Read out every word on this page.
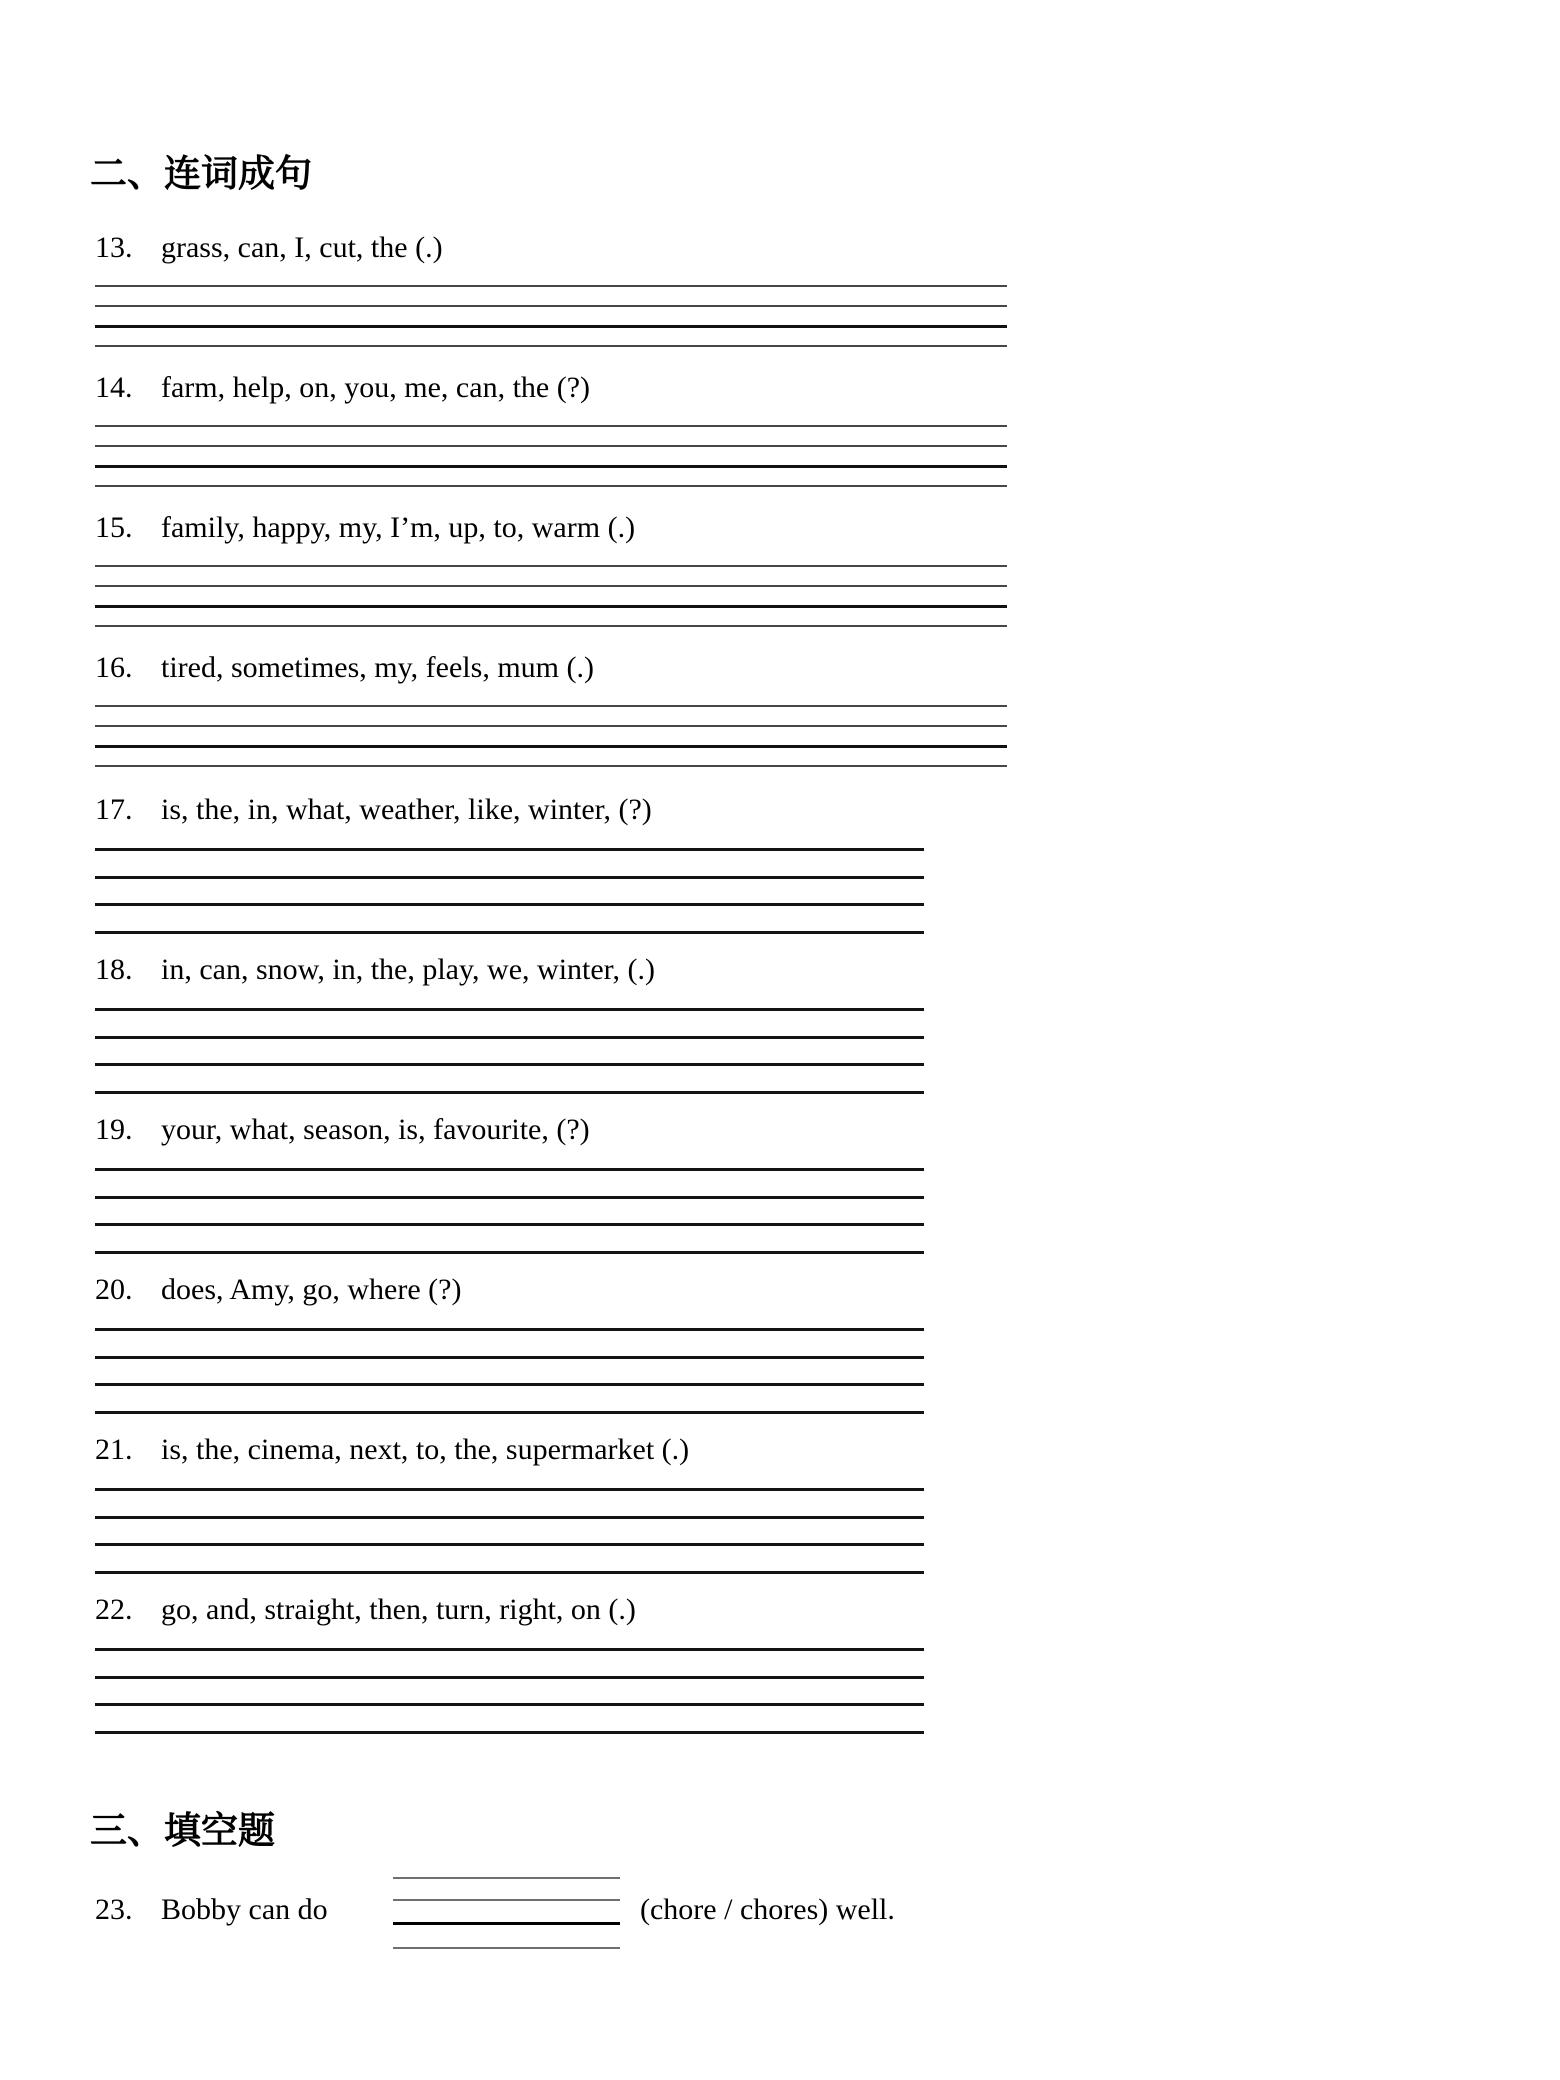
二、连词成句
13. grass, can, I, cut, the (.)
14. farm, help, on, you, me, can, the (?)
15. family, happy, my, I’m, up, to, warm (.)
16. tired, sometimes, my, feels, mum (.)
17. is, the, in, what, weather, like, winter, (?)
18. in, can, snow, in, the, play, we, winter, (.)
19. your, what, season, is, favourite, (?)
20. does, Amy, go, where (?)
21. is, the, cinema, next, to, the, supermarket (.)
22. go, and, straight, then, turn, right, on (.)
三、填空题
23. Bobby can do	(chore / chores) well.
